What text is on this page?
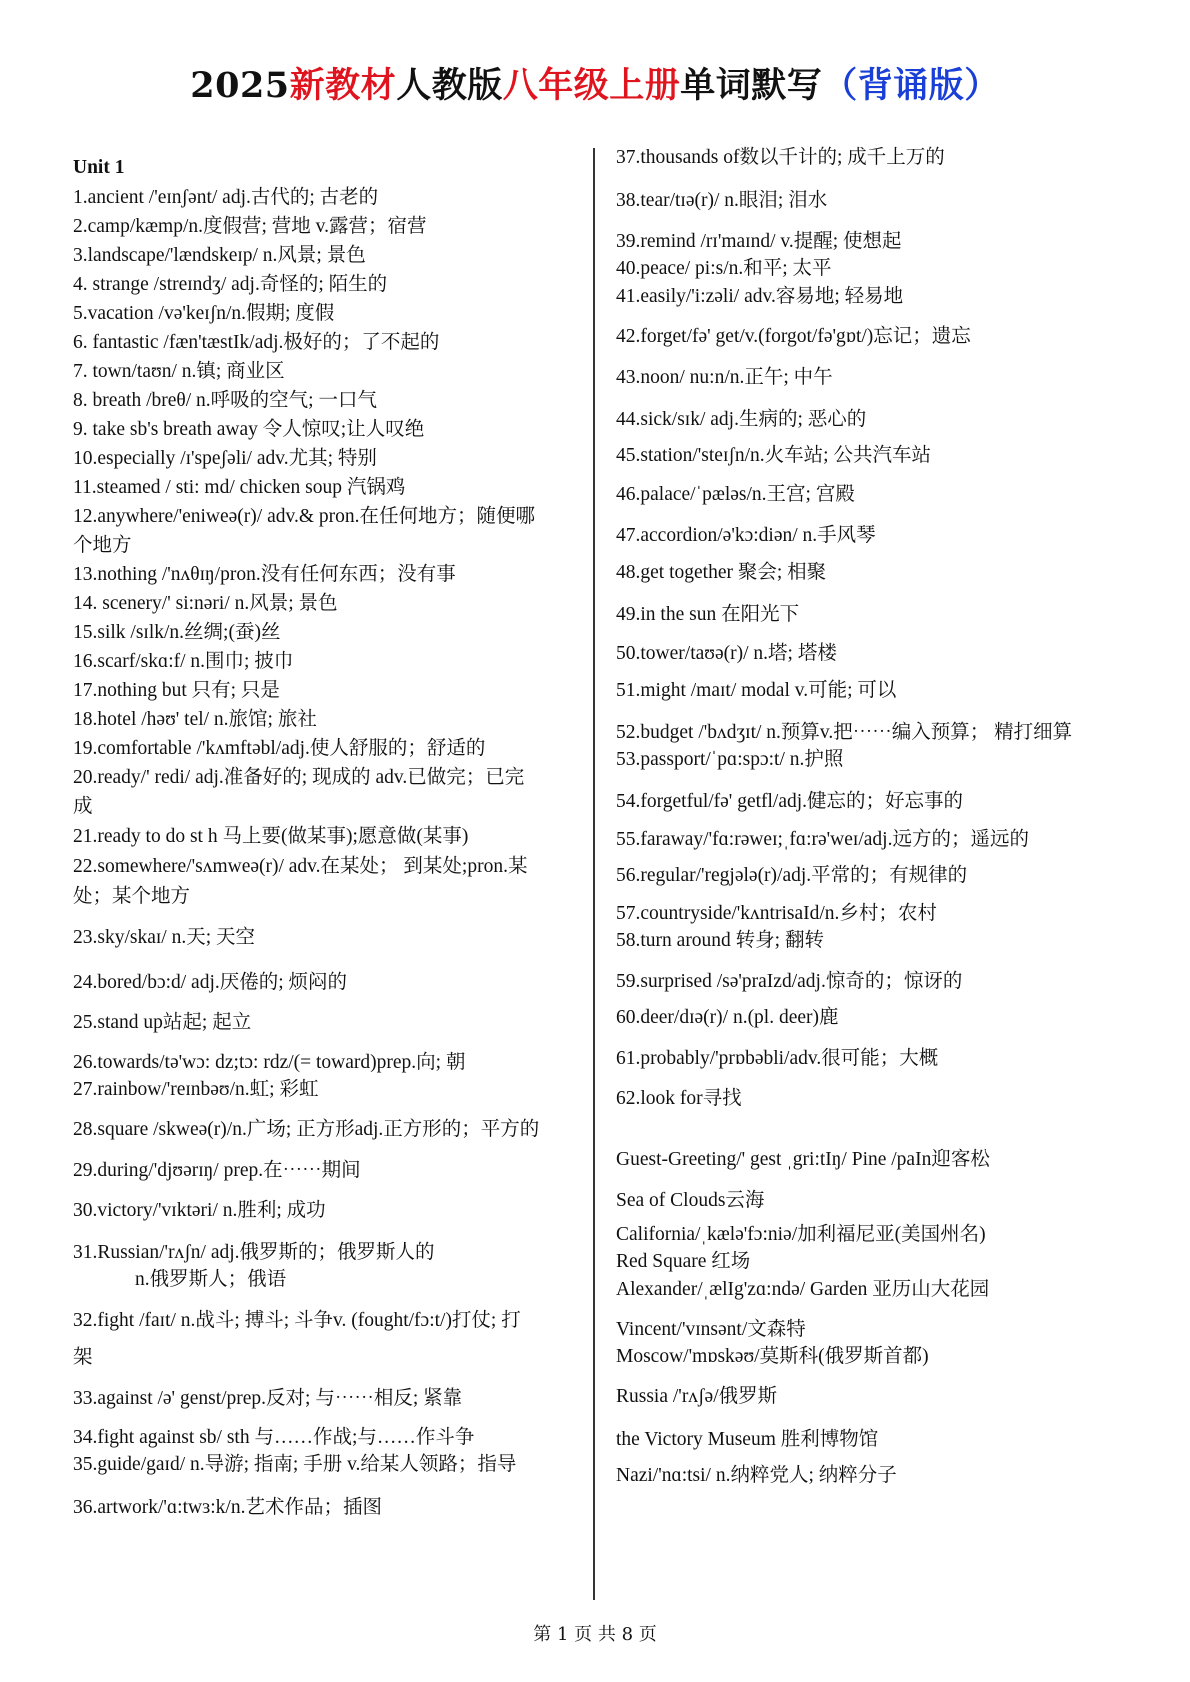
2025新教材人教版八年级上册单词默写（背诵版）
Unit 1
1.ancient /'eɪnʃənt/ adj.古代的; 古老的
2.camp/kæmp/n.度假营; 营地 v.露营；宿营
3.landscape/'lændskeɪp/ n.风景; 景色
4. strange /streɪndʒ/ adj.奇怪的; 陌生的
5.vacation /və'keɪʃn/n.假期; 度假
6. fantastic /fæn'tæstIk/adj.极好的；了不起的
7. town/taʊn/ n.镇; 商业区
8. breath /breθ/ n.呼吸的空气; 一口气
9. take sb's breath away 令人惊叹;让人叹绝
10.especially /ɪ'speʃəli/ adv.尤其; 特别
11.steamed / sti: md/ chicken soup 汽锅鸡
12.anywhere/'eniweə(r)/ adv.& pron.在任何地方；随便哪
个地方
13.nothing /'nʌθɪŋ/pron.没有任何东西；没有事
14. scenery/' si:nəri/ n.风景; 景色
15.silk /sɪlk/n.丝绸;(蚕)丝
16.scarf/skɑ:f/ n.围巾; 披巾
17.nothing but 只有; 只是
18.hotel /həʊ' tel/ n.旅馆; 旅社
19.comfortable /'kʌmftəbl/adj.使人舒服的；舒适的
20.ready/' redi/ adj.准备好的; 现成的 adv.已做完；已完
成
21.ready to do st h 马上要(做某事);愿意做(某事)
22.somewhere/'sʌmweə(r)/ adv.在某处； 到某处;pron.某
处；某个地方
23.sky/skaɪ/ n.天; 天空
24.bored/bɔ:d/ adj.厌倦的; 烦闷的
25.stand up站起; 起立
26.towards/tə'wɔ: dz;tɔ: rdz/(= toward)prep.向; 朝
27.rainbow/'reɪnbəʊ/n.虹; 彩虹
28.square /skweə(r)/n.广场; 正方形adj.正方形的；平方的
29.during/'djʊərɪŋ/ prep.在⋯⋯期间
30.victory/'vɪktəri/ n.胜利; 成功
31.Russian/'rʌʃn/ adj.俄罗斯的；俄罗斯人的
n.俄罗斯人；俄语
32.fight /faɪt/ n.战斗; 搏斗; 斗争v. (fought/fɔ:t/)打仗; 打
架
33.against /ə' genst/prep.反对; 与⋯⋯相反; 紧靠
34.fight against sb/ sth 与……作战;与……作斗争
35.guide/gaɪd/ n.导游; 指南; 手册 v.给某人领路；指导
36.artwork/'ɑ:twɜ:k/n.艺术作品；插图
37.thousands of数以千计的; 成千上万的
38.tear/tɪə(r)/ n.眼泪; 泪水
39.remind /rɪ'maɪnd/ v.提醒; 使想起
40.peace/ pi:s/n.和平; 太平
41.easily/'i:zəli/ adv.容易地; 轻易地
42.forget/fə' get/v.(forgot/fə'gɒt/)忘记；遗忘
43.noon/ nu:n/n.正午; 中午
44.sick/sɪk/ adj.生病的; 恶心的
45.station/'steɪʃn/n.火车站; 公共汽车站
46.palace/ˈpæləs/n.王宫; 宫殿
47.accordion/ə'kɔ:diən/ n.手风琴
48.get together 聚会; 相聚
49.in the sun 在阳光下
50.tower/taʊə(r)/ n.塔; 塔楼
51.might /maɪt/ modal v.可能; 可以
52.budget /'bʌdʒɪt/ n.预算v.把⋯⋯编入预算； 精打细算
53.passport/ˈpɑ:spɔ:t/ n.护照
54.forgetful/fə' getfl/adj.健忘的；好忘事的
55.faraway/'fɑ:rəweɪ;ˌfɑ:rə'weɪ/adj.远方的；遥远的
56.regular/'regjələ(r)/adj.平常的；有规律的
57.countryside/'kʌntrisaId/n.乡村；农村
58.turn around 转身; 翻转
59.surprised /sə'praIzd/adj.惊奇的；惊讶的
60.deer/dɪə(r)/ n.(pl. deer)鹿
61.probably/'prɒbəbli/adv.很可能；大概
62.look for寻找
Guest-Greeting/' gest ˌgri:tIŋ/ Pine /paIn迎客松
Sea of Clouds云海
California/ˌkælə'fɔ:niə/加利福尼亚(美国州名)
Red Square 红场
Alexander/ˌælIg'zɑ:ndə/ Garden 亚历山大花园
Vincent/'vɪnsənt/文森特
Moscow/'mɒskəʊ/莫斯科(俄罗斯首都)
Russia /'rʌʃə/俄罗斯
the Victory Museum 胜利博物馆
Nazi/'nɑ:tsi/ n.纳粹党人; 纳粹分子
第 1 页 共 8 页
